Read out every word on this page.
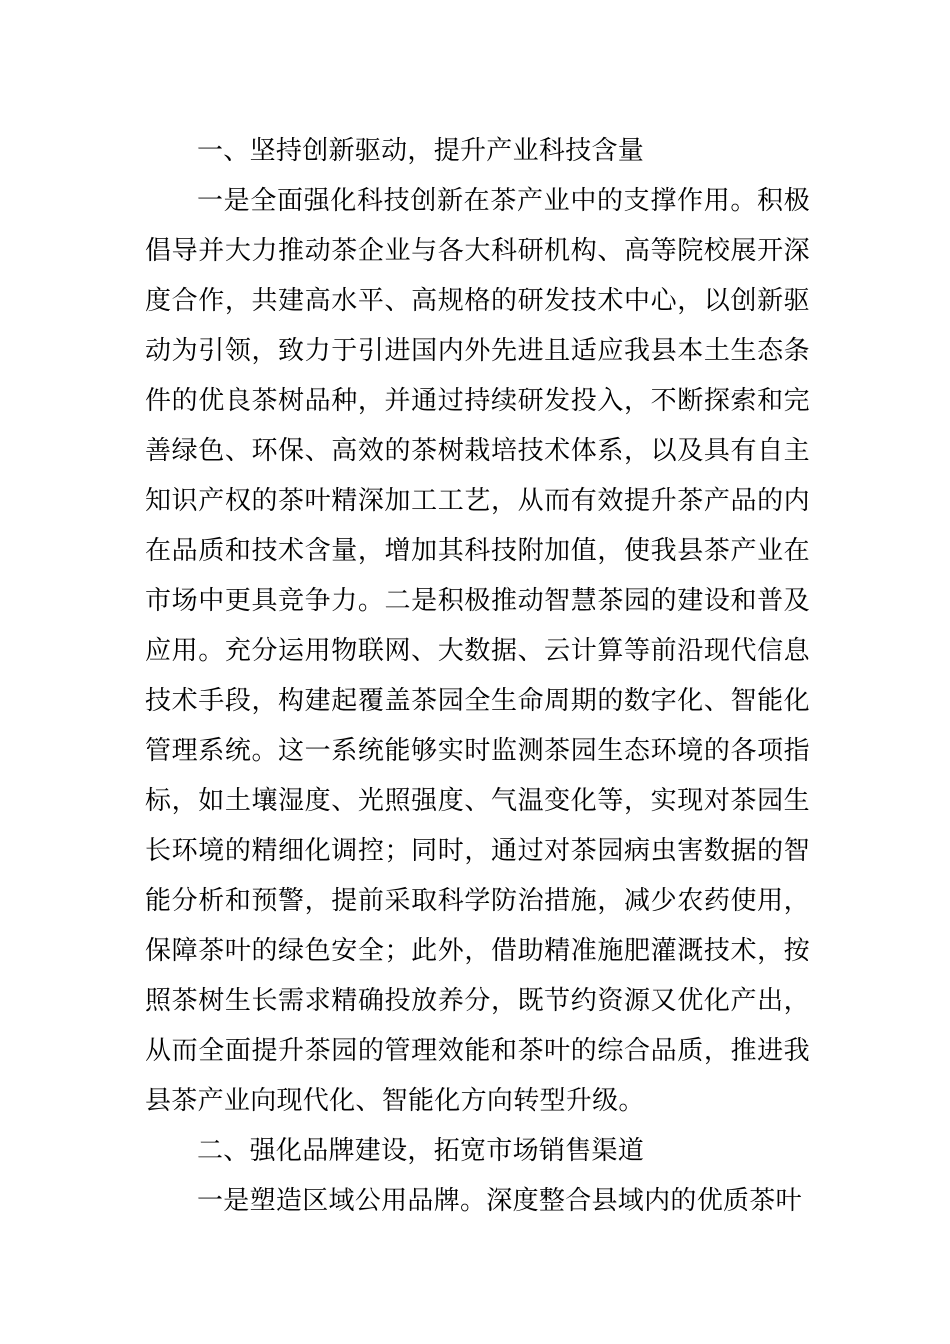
一、坚持创新驱动，提升产业科技含量

一是全面强化科技创新在茶产业中的支撑作用。积极倡导并大力推动茶企业与各大科研机构、高等院校展开深度合作，共建高水平、高规格的研发技术中心，以创新驱动为引领，致力于引进国内外先进且适应我县本土生态条件的优良茶树品种，并通过持续研发投入，不断探索和完善绿色、环保、高效的茶树栽培技术体系，以及具有自主知识产权的茶叶精深加工工艺，从而有效提升茶产品的内在品质和技术含量，增加其科技附加值，使我县茶产业在市场中更具竞争力。二是积极推动智慧茶园的建设和普及应用。充分运用物联网、大数据、云计算等前沿现代信息技术手段，构建起覆盖茶园全生命周期的数字化、智能化管理系统。这一系统能够实时监测茶园生态环境的各项指标，如土壤湿度、光照强度、气温变化等，实现对茶园生长环境的精细化调控；同时，通过对茶园病虫害数据的智能分析和预警，提前采取科学防治措施，减少农药使用，保障茶叶的绿色安全；此外，借助精准施肥灌溉技术，按照茶树生长需求精确投放养分，既节约资源又优化产出，从而全面提升茶园的管理效能和茶叶的综合品质，推进我县茶产业向现代化、智能化方向转型升级。

二、强化品牌建设，拓宽市场销售渠道

一是塑造区域公用品牌。深度整合县域内的优质茶叶
